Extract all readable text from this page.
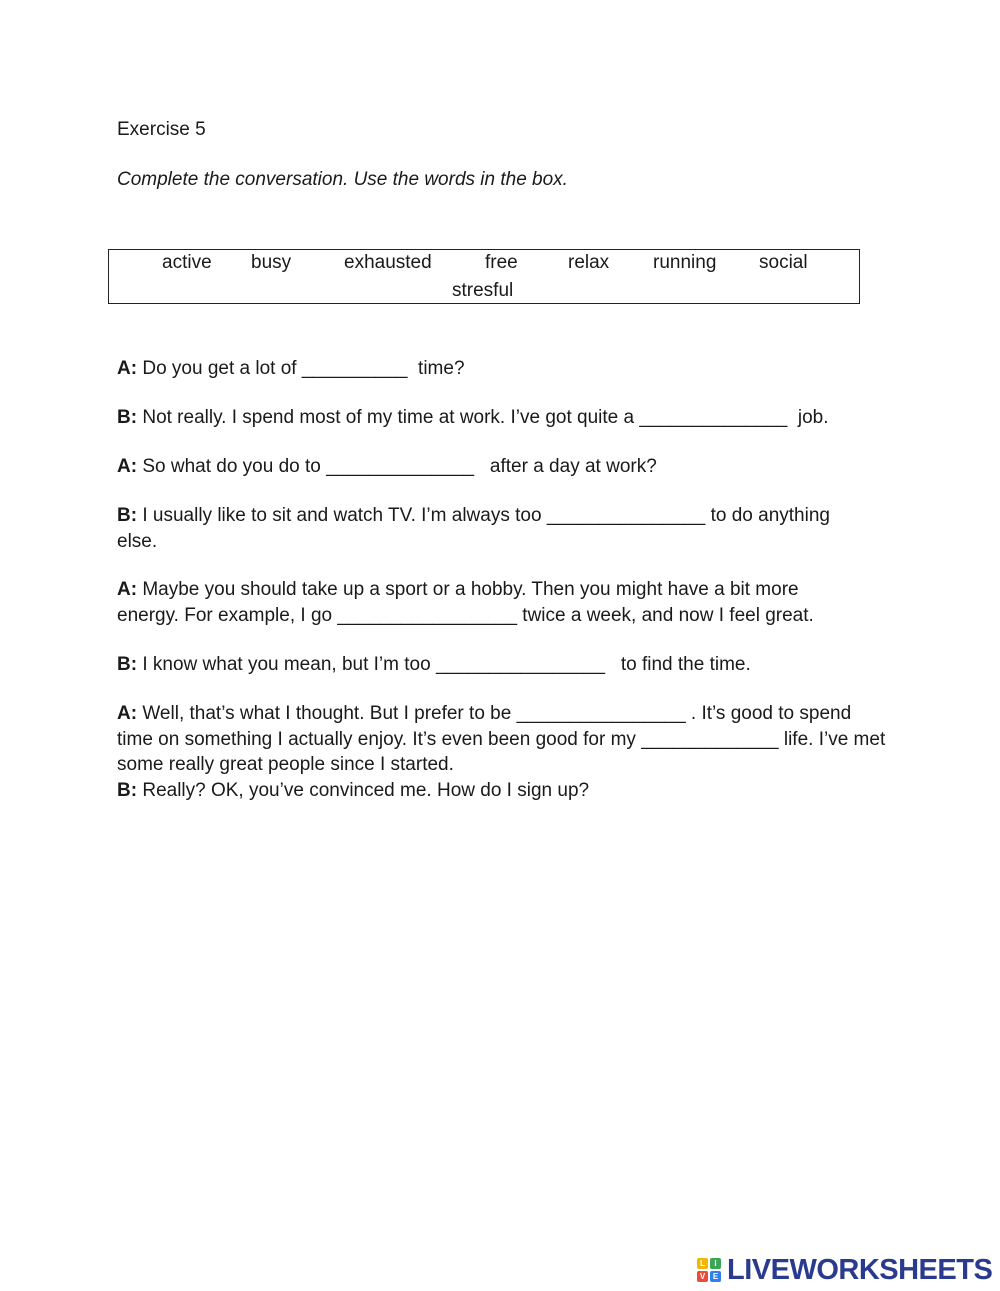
Exercise 5
Complete the conversation. Use the words in the box.
active busy	exhausted	free	relax running social
stresful
A: Do you get a lot of __________  time?
B: Not really. I spend most of my time at work. I’ve got quite a ______________  job.
A: So what do you do to ______________   after a day at work?
B: I usually like to sit and watch TV. I’m always too _______________ to do anything else.
A: Maybe you should take up a sport or a hobby. Then you might have a bit more energy. For example, I go _________________ twice a week, and now I feel great.
B: I know what you mean, but I’m too ________________   to find the time.
A: Well, that’s what I thought. But I prefer to be ________________ . It’s good to spend time on something I actually enjoy. It’s even been good for my _____________ life. I’ve met some really great people since I started.
B: Really? OK, you’ve convinced me. How do I sign up?
L	I
V E LIVEWORKSHEETS
